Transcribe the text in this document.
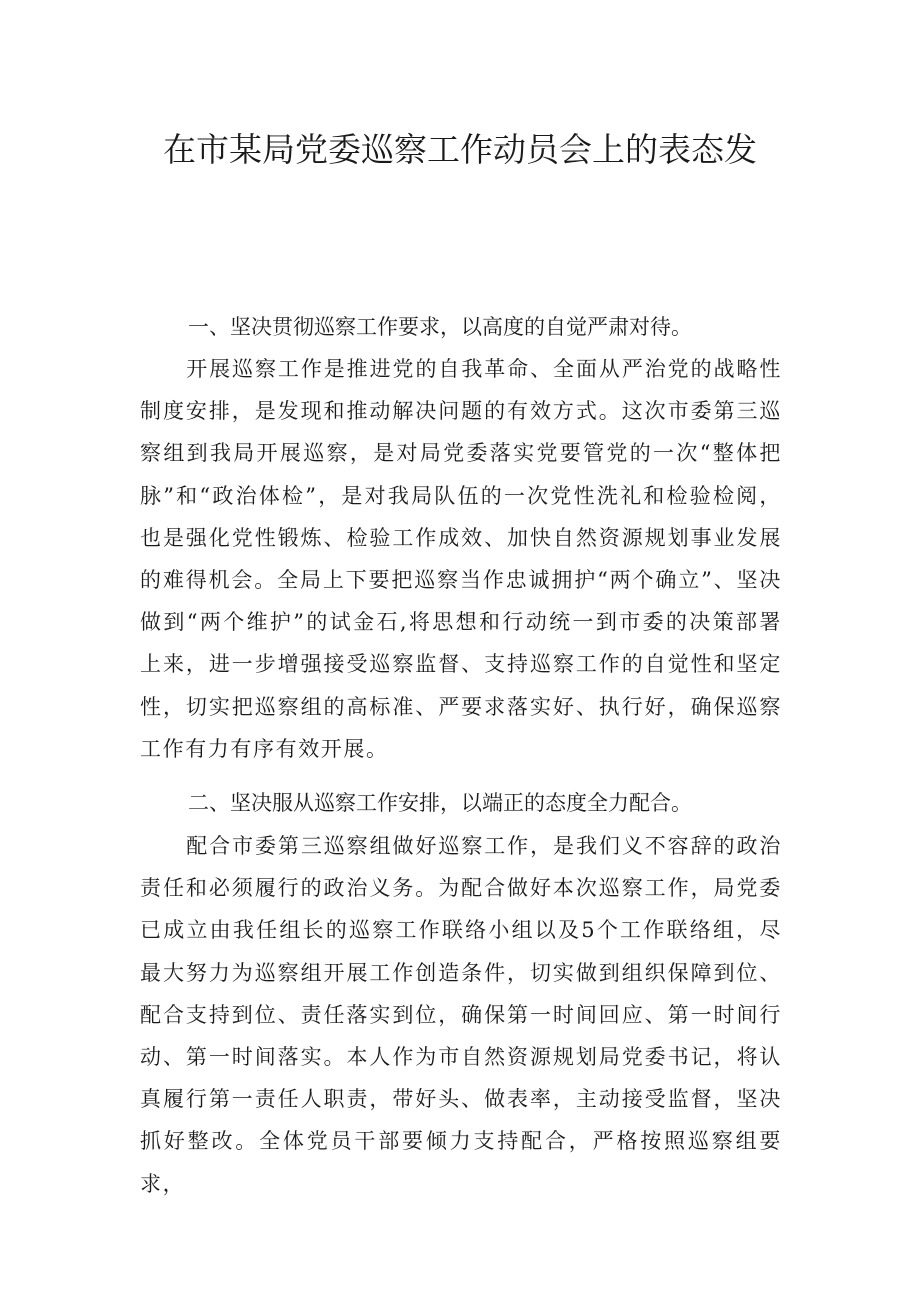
在市某局党委巡察工作动员会上的表态发
一、坚决贯彻巡察工作要求，以高度的自觉严肃对待。

开展巡察工作是推进党的自我革命、全面从严治党的战略性制度安排，是发现和推动解决问题的有效方式。这次市委第三巡察组到我局开展巡察，是对局党委落实党要管党的一次“整体把脉”和“政治体检”，是对我局队伍的一次党性洗礼和检验检阅，也是强化党性锻炼、检验工作成效、加快自然资源规划事业发展的难得机会。全局上下要把巡察当作忠诚拥护“两个确立”、坚决做到“两个维护”的试金石,将思想和行动统一到市委的决策部署上来，进一步增强接受巡察监督、支持巡察工作的自觉性和坚定性，切实把巡察组的高标准、严要求落实好、执行好，确保巡察工作有力有序有效开展。

二、坚决服从巡察工作安排，以端正的态度全力配合。

配合市委第三巡察组做好巡察工作，是我们义不容辞的政治责任和必须履行的政治义务。为配合做好本次巡察工作，局党委已成立由我任组长的巡察工作联络小组以及5个工作联络组，尽最大努力为巡察组开展工作创造条件，切实做到组织保障到位、配合支持到位、责任落实到位，确保第一时间回应、第一时间行动、第一时间落实。本人作为市自然资源规划局党委书记，将认真履行第一责任人职责，带好头、做表率，主动接受监督，坚决抓好整改。全体党员干部要倾力支持配合，严格按照巡察组要求，
